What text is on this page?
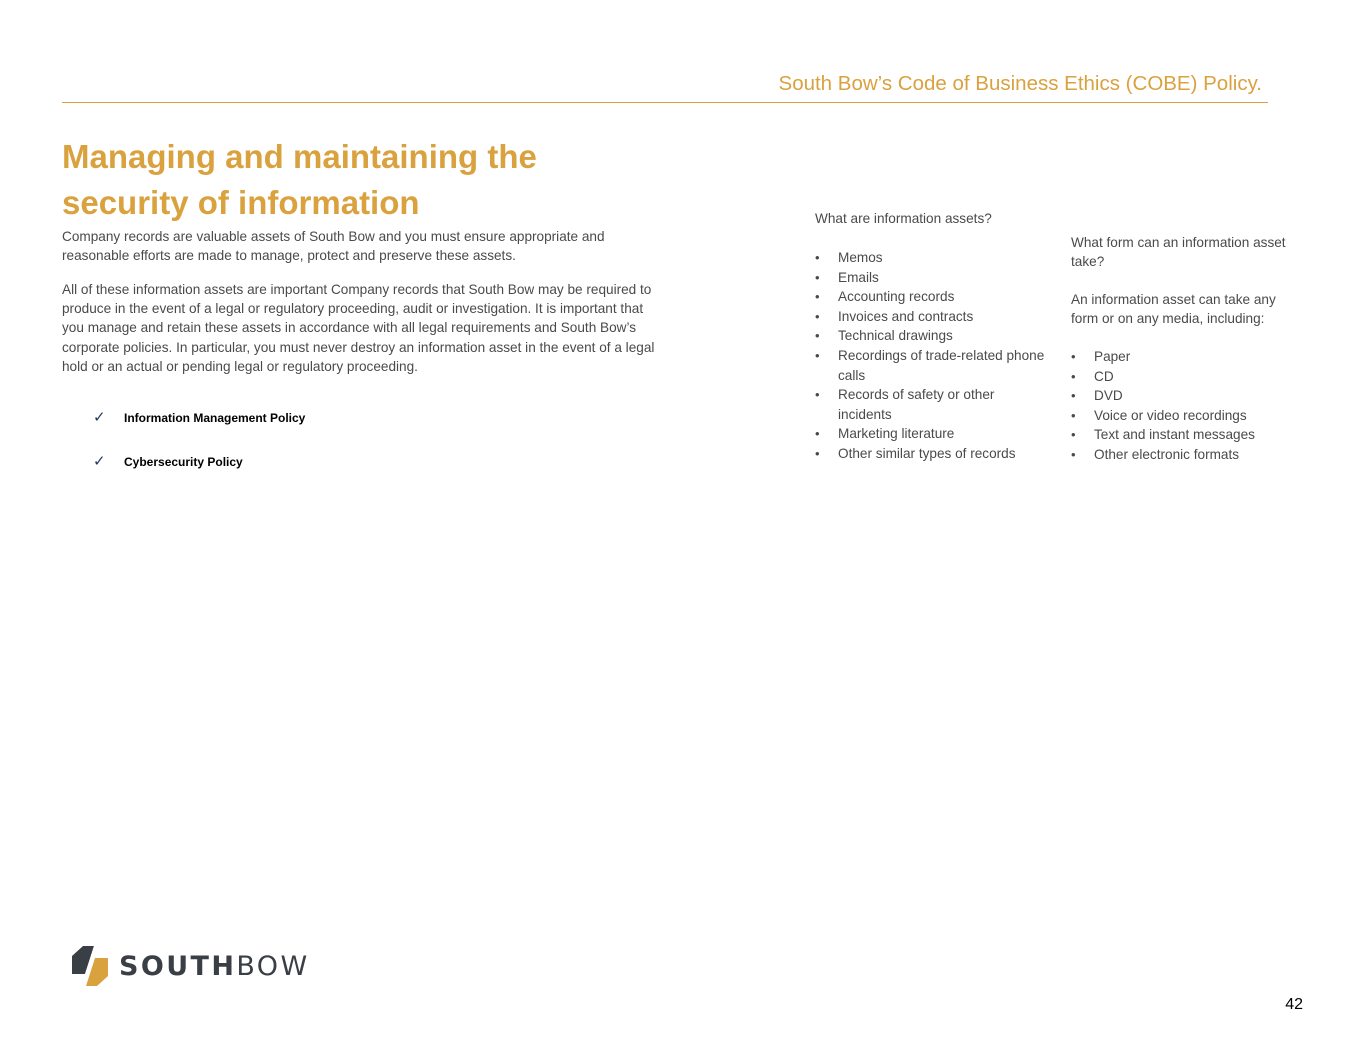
South Bow’s Code of Business Ethics (COBE) Policy.
Managing and maintaining the security of information

Company records are valuable assets of South Bow and you must ensure appropriate and reasonable efforts are made to manage, protect and preserve these assets.

All of these information assets are important Company records that South Bow may be required to produce in the event of a legal or regulatory proceeding, audit or investigation. It is important that you manage and retain these assets in accordance with all legal requirements and South Bow’s corporate policies. In particular, you must never destroy an information asset in the event of a legal hold or an actual or pending legal or regulatory proceeding.

✓	Information Management Policy
✓	Cybersecurity Policy

What are information assets?

• Memos
• Emails
• Accounting records
• Invoices and contracts
• Technical drawings
• Recordings of trade-related phone calls
• Records of safety or other incidents
• Marketing literature
• Other similar types of records

What form can an information asset take?

An information asset can take any form or on any media, including:

• Paper
• CD
• DVD
• Voice or video recordings
• Text and instant messages
• Other electronic formats
SOUTHBOW
42
